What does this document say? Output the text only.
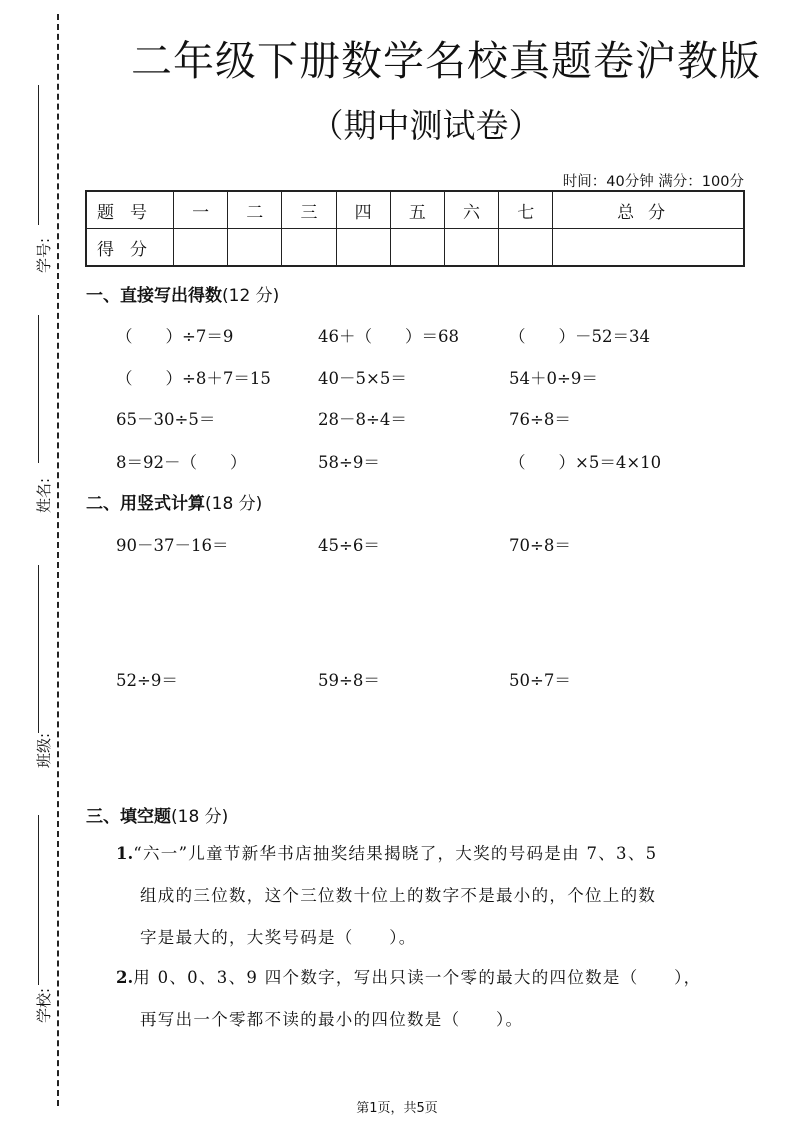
学号:
姓名:
班级:
学校:
二年级下册数学名校真题卷沪教版
（期中测试卷）
时间：40分钟 满分：100分
题号	一	二	三	四	五	六	七	总分
得分								
一、直接写出得数(12 分)
（　　）÷7＝9	46＋（　　）＝68	（　　）－52＝34
（　　）÷8＋7＝15	40－5×5＝	54＋0÷9＝
65－30÷5＝	28－8÷4＝	76÷8＝
8＝92－（　　）	58÷9＝	（　　）×5＝4×10
二、用竖式计算(18 分)
90－37－16＝	45÷6＝	70÷8＝
52÷9＝	59÷8＝	50÷7＝
三、填空题(18 分)
1.“六一”儿童节新华书店抽奖结果揭晓了，大奖的号码是由 7、3、5
组成的三位数，这个三位数十位上的数字不是最小的，个位上的数
字是最大的，大奖号码是（　　）。
2.用 0、0、3、9 四个数字，写出只读一个零的最大的四位数是（　　），
再写出一个零都不读的最小的四位数是（　　）。
第1页，共5页
